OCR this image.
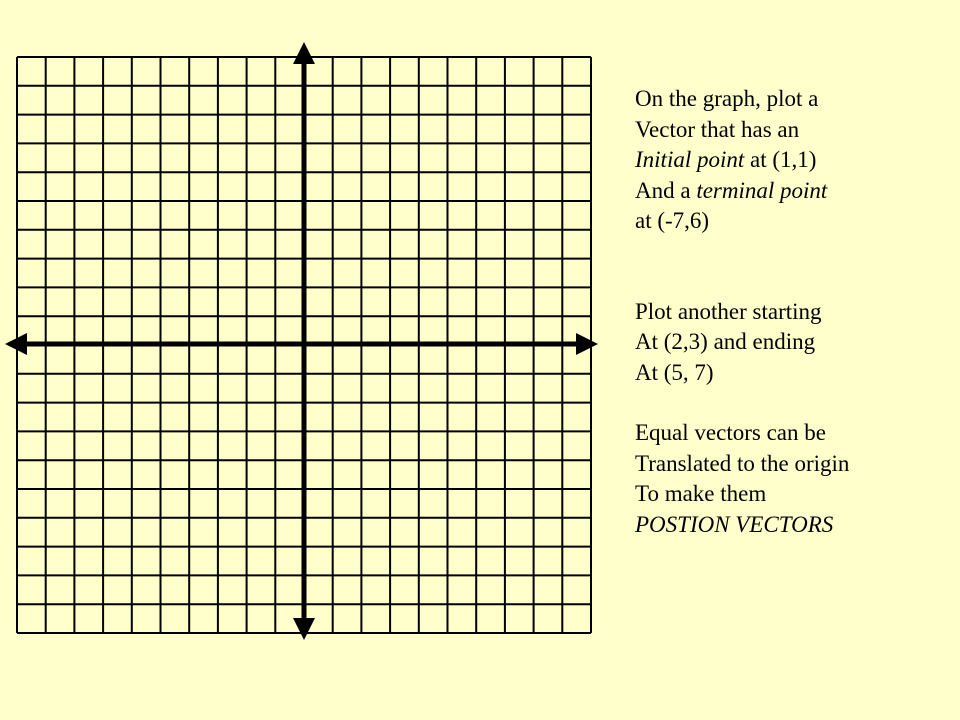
On the graph, plot a
Vector that has an
Initial point at (1,1)
And a terminal point
at (-7,6)
Plot another starting
At (2,3) and ending
At (5, 7)
Equal vectors can be
Translated to the origin
To make them
POSTION VECTORS
